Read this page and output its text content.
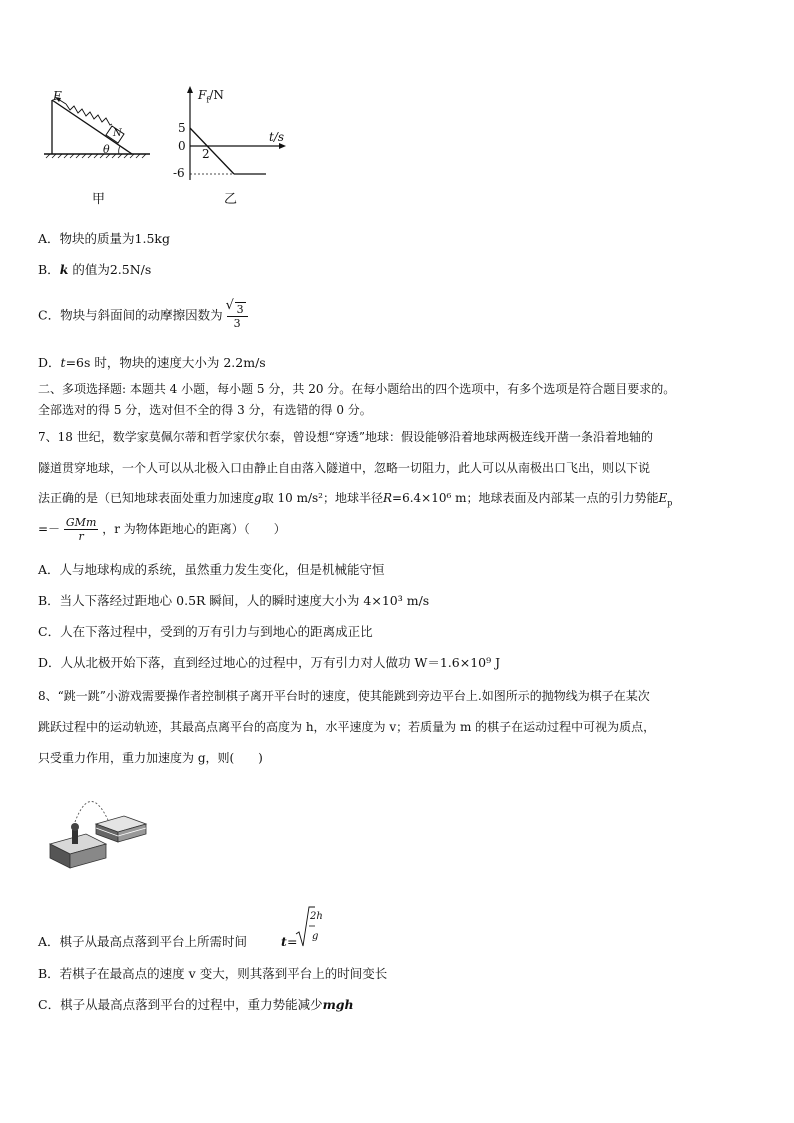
F
N
θ
甲
$F_f/N$
t/s
5
0
-6
2
乙
A．物块的质量为1.5kg
B．k 的值为2.5N/s
C．物块与斜面间的动摩擦因数为
√ $\frac{3}{3}$
D．t=6s 时，物块的速度大小为 2.2m/s
二、多项选择题: 本题共 4 小题，每小题 5 分，共 20 分。在每小题给出的四个选项中，有多个选项是符合题目要求的。
全部选对的得 5 分，选对但不全的得 3 分，有选错的得 0 分。
7、18 世纪，数学家莫佩尔蒂和哲学家伏尔泰，曾设想“穿透”地球：假设能够沿着地球两极连线开凿一条沿着地轴的
隧道贯穿地球，一个人可以从北极入口由静止自由落入隧道中，忽略一切阻力，此人可以从南极出口飞出，则以下说
法正确的是（已知地球表面处重力加速度g取 10 m/s²；地球半径R=6.4×10⁶ m；地球表面及内部某一点的引力势能$E_p$
=－ $\frac{\text{GMm}}{r}$ ，r 为物体距地心的距离）（　　）
A．人与地球构成的系统，虽然重力发生变化，但是机械能守恒
B．当人下落经过距地心 0.5R 瞬间，人的瞬时速度大小为 4×10³ m/s
C．人在下落过程中，受到的万有引力与到地心的距离成正比
D．人从北极开始下落，直到经过地心的过程中，万有引力对人做功 W＝1.6×10⁹ J
8、“跳一跳”小游戏需要操作者控制棋子离开平台时的速度，使其能跳到旁边平台上.如图所示的抛物线为棋子在某次
跳跃过程中的运动轨迹，其最高点离平台的高度为 h，水平速度为 v；若质量为 m 的棋子在运动过程中可视为质点，
只受重力作用，重力加速度为 g，则(　　)
A．棋子从最高点落到平台上所需时间	t =
2h
g
B．若棋子在最高点的速度 v 变大，则其落到平台上的时间变长
C．棋子从最高点落到平台的过程中，重力势能减少mgh
